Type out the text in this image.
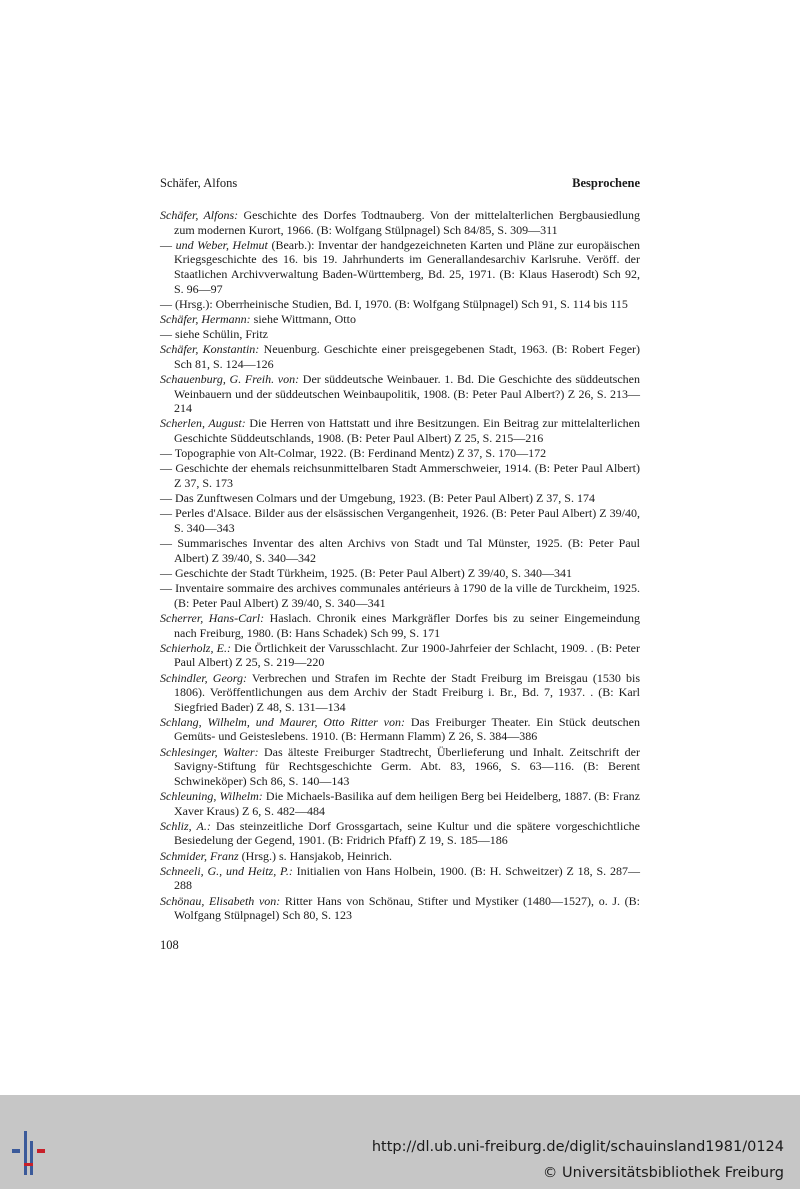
Schäfer, Alfons	Besprochene

Schäfer, Alfons: Geschichte des Dorfes Todtnauberg. Von der mittelalterlichen Bergbausiedlung zum modernen Kurort, 1966. (B: Wolfgang Stülpnagel) Sch 84/85, S. 309—311

— und Weber, Helmut (Bearb.): Inventar der handgezeichneten Karten und Pläne zur europäischen Kriegsgeschichte des 16. bis 19. Jahrhunderts im Generallandesarchiv Karlsruhe. Veröff. der Staatlichen Archivverwaltung Baden-Württemberg, Bd. 25, 1971. (B: Klaus Haserodt) Sch 92, S. 96—97

— (Hrsg.): Oberrheinische Studien, Bd. I, 1970. (B: Wolfgang Stülpnagel) Sch 91, S. 114 bis 115

Schäfer, Hermann: siehe Wittmann, Otto

— siehe Schülin, Fritz

Schäfer, Konstantin: Neuenburg. Geschichte einer preisgegebenen Stadt, 1963. (B: Robert Feger) Sch 81, S. 124—126

Schauenburg, G. Freih. von: Der süddeutsche Weinbauer. 1. Bd. Die Geschichte des süddeutschen Weinbauern und der süddeutschen Weinbaupolitik, 1908. (B: Peter Paul Albert?) Z 26, S. 213—214

Scherlen, August: Die Herren von Hattstatt und ihre Besitzungen. Ein Beitrag zur mittelalterlichen Geschichte Süddeutschlands, 1908. (B: Peter Paul Albert) Z 25, S. 215—216

— Topographie von Alt-Colmar, 1922. (B: Ferdinand Mentz) Z 37, S. 170—172

— Geschichte der ehemals reichsunmittelbaren Stadt Ammerschweier, 1914. (B: Peter Paul Albert) Z 37, S. 173

— Das Zunftwesen Colmars und der Umgebung, 1923. (B: Peter Paul Albert) Z 37, S. 174

— Perles d'Alsace. Bilder aus der elsässischen Vergangenheit, 1926. (B: Peter Paul Albert) Z 39/40, S. 340—343

— Summarisches Inventar des alten Archivs von Stadt und Tal Münster, 1925. (B: Peter Paul Albert) Z 39/40, S. 340—342

— Geschichte der Stadt Türkheim, 1925. (B: Peter Paul Albert) Z 39/40, S. 340—341

— Inventaire sommaire des archives communales antérieurs à 1790 de la ville de Turckheim, 1925. (B: Peter Paul Albert) Z 39/40, S. 340—341

Scherrer, Hans-Carl: Haslach. Chronik eines Markgräfler Dorfes bis zu seiner Eingemeindung nach Freiburg, 1980. (B: Hans Schadek) Sch 99, S. 171

Schierholz, E.: Die Örtlichkeit der Varusschlacht. Zur 1900-Jahrfeier der Schlacht, 1909. . (B: Peter Paul Albert) Z 25, S. 219—220

Schindler, Georg: Verbrechen und Strafen im Rechte der Stadt Freiburg im Breisgau (1530 bis 1806). Veröffentlichungen aus dem Archiv der Stadt Freiburg i. Br., Bd. 7, 1937. . (B: Karl Siegfried Bader) Z 48, S. 131—134

Schlang, Wilhelm, und Maurer, Otto Ritter von: Das Freiburger Theater. Ein Stück deutschen Gemüts- und Geisteslebens. 1910. (B: Hermann Flamm) Z 26, S. 384—386

Schlesinger, Walter: Das älteste Freiburger Stadtrecht, Überlieferung und Inhalt. Zeitschrift der Savigny-Stiftung für Rechtsgeschichte Germ. Abt. 83, 1966, S. 63—116. (B: Berent Schwineköper) Sch 86, S. 140—143

Schleuning, Wilhelm: Die Michaels-Basilika auf dem heiligen Berg bei Heidelberg, 1887. (B: Franz Xaver Kraus) Z 6, S. 482—484

Schliz, A.: Das steinzeitliche Dorf Grossgartach, seine Kultur und die spätere vorgeschichtliche Besiedelung der Gegend, 1901. (B: Fridrich Pfaff) Z 19, S. 185—186

Schmider, Franz (Hrsg.) s. Hansjakob, Heinrich.

Schneeli, G., und Heitz, P.: Initialien von Hans Holbein, 1900. (B: H. Schweitzer) Z 18, S. 287—288

Schönau, Elisabeth von: Ritter Hans von Schönau, Stifter und Mystiker (1480—1527), o. J. (B: Wolfgang Stülpnagel) Sch 80, S. 123

108
http://dl.ub.uni-freiburg.de/diglit/schauinsland1981/0124
© Universitätsbibliothek Freiburg
